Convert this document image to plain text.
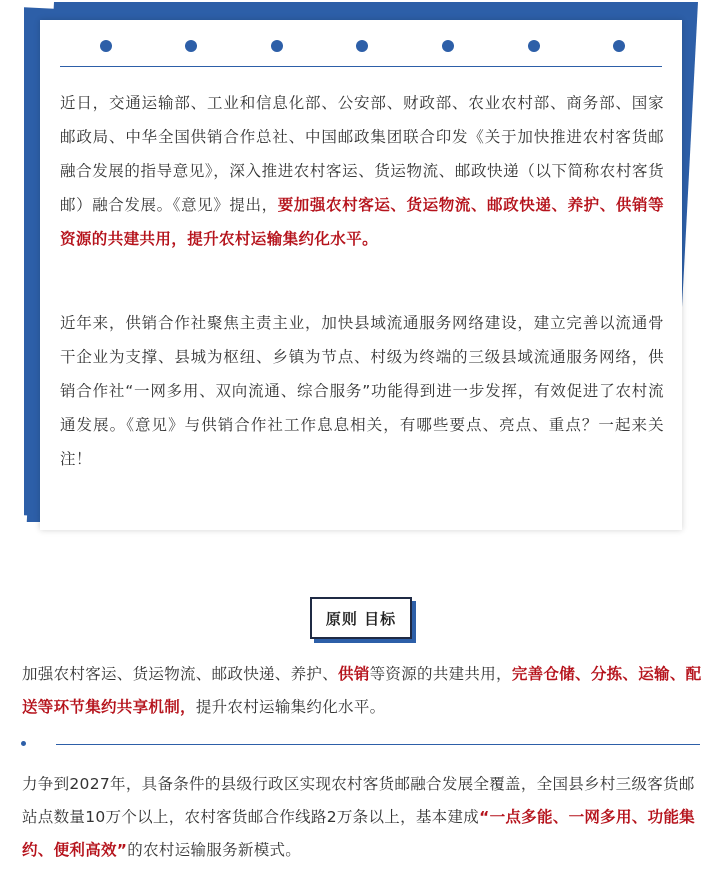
近日，交通运输部、工业和信息化部、公安部、财政部、农业农村部、商务部、国家邮政局、中华全国供销合作总社、中国邮政集团联合印发《关于加快推进农村客货邮融合发展的指导意见》，深入推进农村客运、货运物流、邮政快递（以下简称农村客货邮）融合发展。《意见》提出，要加强农村客运、货运物流、邮政快递、养护、供销等资源的共建共用，提升农村运输集约化水平。

近年来，供销合作社聚焦主责主业，加快县域流通服务网络建设，建立完善以流通骨干企业为支撑、县城为枢纽、乡镇为节点、村级为终端的三级县域流通服务网络，供销合作社“一网多用、双向流通、综合服务”功能得到进一步发挥，有效促进了农村流通发展。《意见》与供销合作社工作息息相关，有哪些要点、亮点、重点？一起来关注！

原则 目标

加强农村客运、货运物流、邮政快递、养护、供销等资源的共建共用，完善仓储、分拣、运输、配送等环节集约共享机制，提升农村运输集约化水平。

力争到2027年，具备条件的县级行政区实现农村客货邮融合发展全覆盖，全国县乡村三级客货邮站点数量10万个以上，农村客货邮合作线路2万条以上，基本建成“一点多能、一网多用、功能集约、便利高效”的农村运输服务新模式。
